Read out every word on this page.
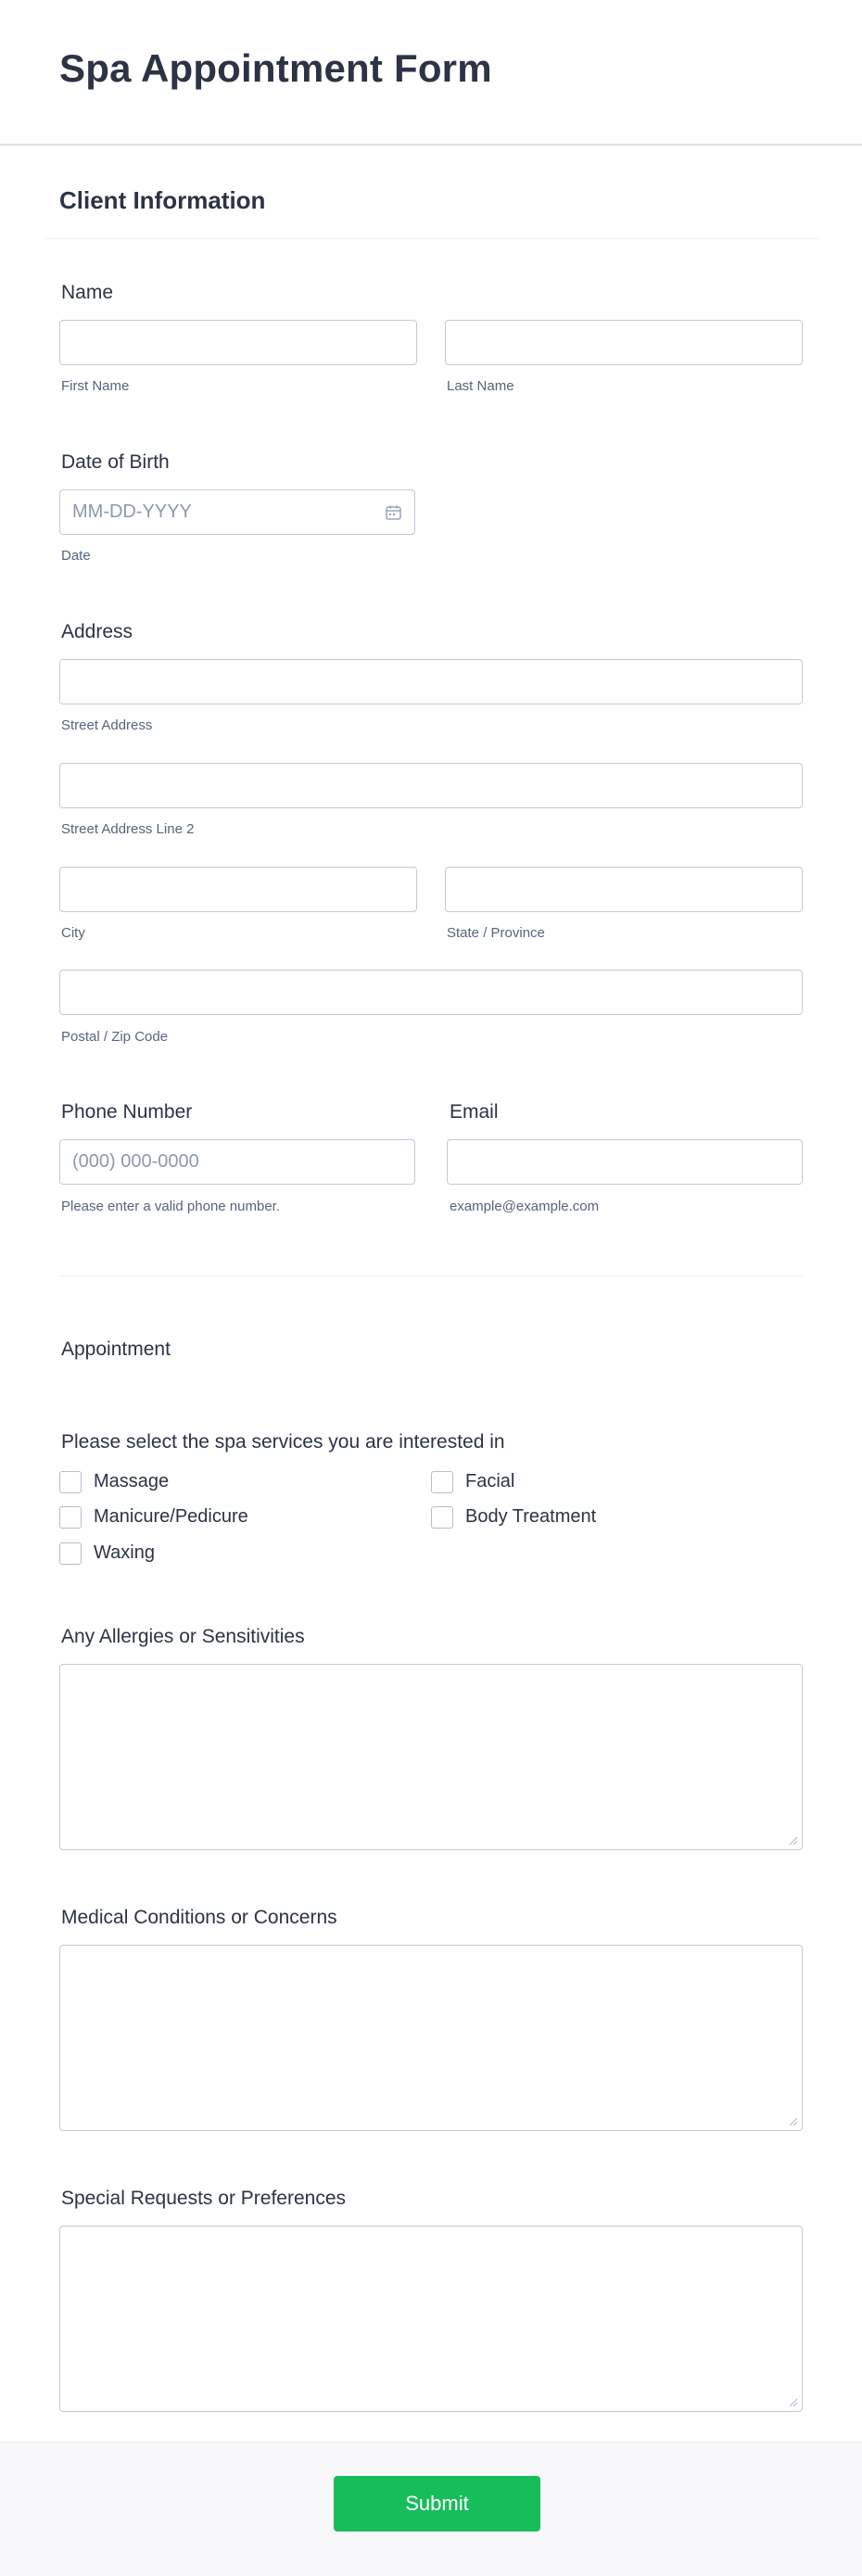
Spa Appointment Form
Client Information
Name
First Name	Last Name
Date of Birth
MM-DD-YYYY
Date
Address
Street Address
Street Address Line 2
City	State / Province
Postal / Zip Code
Phone Number	Email
(000) 000-0000
Please enter a valid phone number.	example@example.com
Appointment
Please select the spa services you are interested in
Massage	Facial
Manicure/Pedicure	Body Treatment
Waxing
Any Allergies or Sensitivities
Medical Conditions or Concerns
Special Requests or Preferences
Submit
